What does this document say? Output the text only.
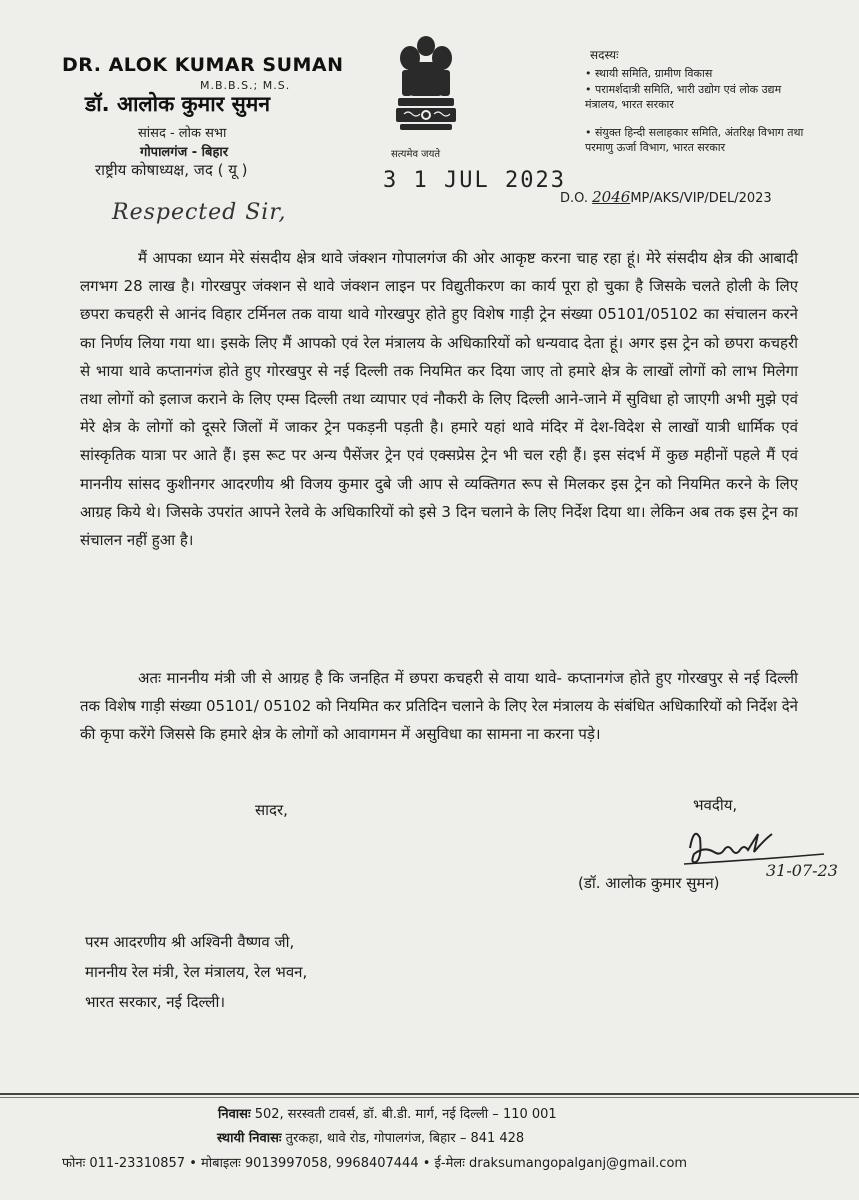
DR. ALOK KUMAR SUMAN
M.B.B.S.; M.S.
डॉ. आलोक कुमार सुमन
सांसद - लोक सभा
गोपालगंज - बिहार
राष्ट्रीय कोषाध्यक्ष, जद ( यू )
सत्यमेव जयते
3 1 JUL 2023
सदस्यः
• स्थायी समिति, ग्रामीण विकास
• परामर्शदात्री समिति, भारी उद्योग एवं लोक उद्यम मंत्रालय, भारत सरकार
• संयुक्त हिन्दी सलाहकार समिति, अंतरिक्ष विभाग तथा परमाणु ऊर्जा विभाग, भारत सरकार
D.O. 2046MP/AKS/VIP/DEL/2023
Respected Sir,
मैं आपका ध्यान मेरे संसदीय क्षेत्र थावे जंक्शन गोपालगंज की ओर आकृष्ट करना चाह रहा हूं। मेरे संसदीय क्षेत्र की आबादी लगभग 28 लाख है। गोरखपुर जंक्शन से थावे जंक्शन लाइन पर विद्युतीकरण का कार्य पूरा हो चुका है जिसके चलते होली के लिए छपरा कचहरी से आनंद विहार टर्मिनल तक वाया थावे गोरखपुर होते हुए विशेष गाड़ी ट्रेन संख्या 05101/05102 का संचालन करने का निर्णय लिया गया था। इसके लिए मैं आपको एवं रेल मंत्रालय के अधिकारियों को धन्यवाद देता हूं। अगर इस ट्रेन को छपरा कचहरी से भाया थावे कप्तानगंज होते हुए गोरखपुर से नई दिल्ली तक नियमित कर दिया जाए तो हमारे क्षेत्र के लाखों लोगों को लाभ मिलेगा तथा लोगों को इलाज कराने के लिए एम्स दिल्ली तथा व्यापार एवं नौकरी के लिए दिल्ली आने-जाने में सुविधा हो जाएगी अभी मुझे एवं मेरे क्षेत्र के लोगों को दूसरे जिलों में जाकर ट्रेन पकड़नी पड़ती है। हमारे यहां थावे मंदिर में देश-विदेश से लाखों यात्री धार्मिक एवं सांस्कृतिक यात्रा पर आते हैं। इस रूट पर अन्य पैसेंजर ट्रेन एवं एक्सप्रेस ट्रेन भी चल रही हैं। इस संदर्भ में कुछ महीनों पहले मैं एवं माननीय सांसद कुशीनगर आदरणीय श्री विजय कुमार दुबे जी आप से व्यक्तिगत रूप से मिलकर इस ट्रेन को नियमित करने के लिए आग्रह किये थे। जिसके उपरांत आपने रेलवे के अधिकारियों को इसे 3 दिन चलाने के लिए निर्देश दिया था। लेकिन अब तक इस ट्रेन का संचालन नहीं हुआ है।
अतः माननीय मंत्री जी से आग्रह है कि जनहित में छपरा कचहरी से वाया थावे- कप्तानगंज होते हुए गोरखपुर से नई दिल्ली तक विशेष गाड़ी संख्या 05101/ 05102 को नियमित कर प्रतिदिन चलाने के लिए रेल मंत्रालय के संबंधित अधिकारियों को निर्देश देने की कृपा करेंगे जिससे कि हमारे क्षेत्र के लोगों को आवागमन में असुविधा का सामना ना करना पड़े।
सादर,	भवदीय,
31-07-23
(डॉ. आलोक कुमार सुमन)
परम आदरणीय श्री अश्विनी वैष्णव जी,
माननीय रेल मंत्री, रेल मंत्रालय, रेल भवन,
भारत सरकार, नई दिल्ली।
निवासः 502, सरस्वती टावर्स, डॉ. बी.डी. मार्ग, नई दिल्ली – 110 001
स्थायी निवासः तुरकहा, थावे रोड, गोपालगंज, बिहार – 841 428
फोनः 011-23310857 • मोबाइलः 9013997058, 9968407444 • ई-मेलः draksumangopalganj@gmail.com
